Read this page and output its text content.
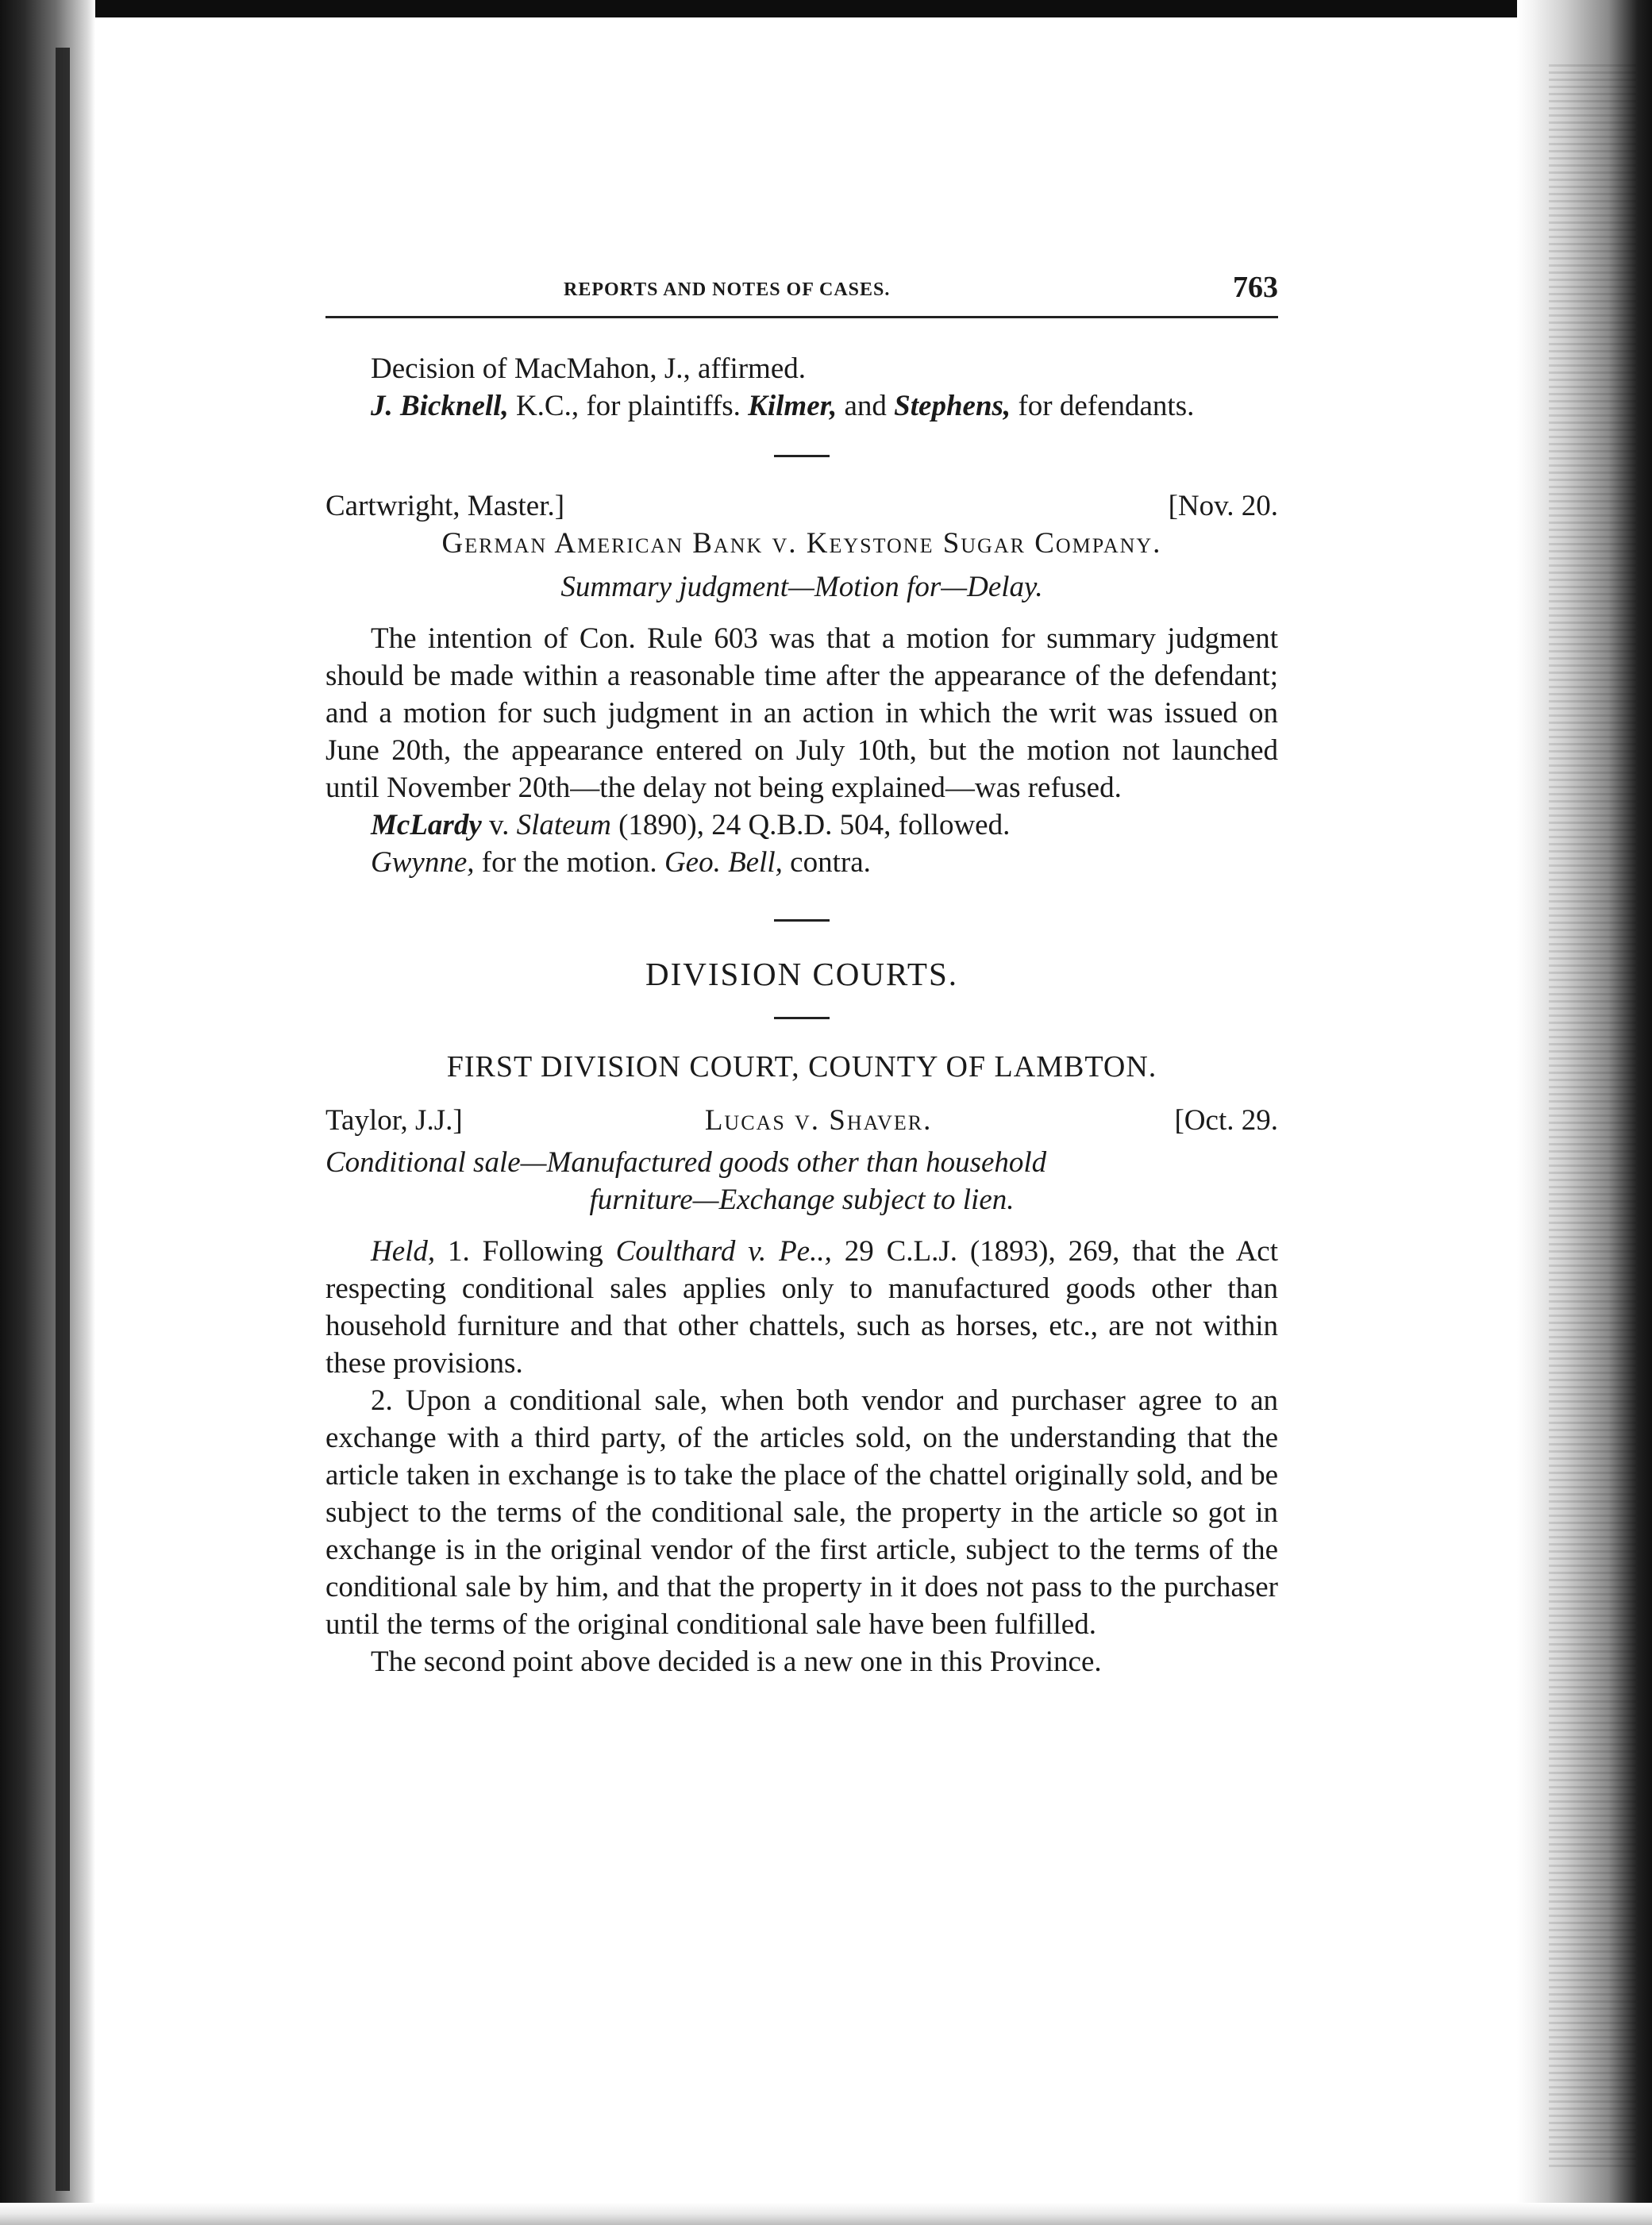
REPORTS AND NOTES OF CASES.	763

Decision of MacMahon, J., affirmed.

J. Bicknell, K.C., for plaintiffs. Kilmer, and Stephens, for defendants.

Cartwright, Master.]	[Nov. 20.

German American Bank v. Keystone Sugar Company.

Summary judgment—Motion for—Delay.

The intention of Con. Rule 603 was that a motion for summary judgment should be made within a reasonable time after the appearance of the defendant; and a motion for such judgment in an action in which the writ was issued on June 20th, the appearance entered on July 10th, but the motion not launched until November 20th—the delay not being explained—was refused.

McLardy v. Slateum (1890), 24 Q.B.D. 504, followed.

Gwynne, for the motion. Geo. Bell, contra.

DIVISION COURTS.
FIRST DIVISION COURT, COUNTY OF LAMBTON.
Taylor, J.J.]	Lucas v. Shaver.	[Oct. 29.

Conditional sale—Manufactured goods other than household

furniture—Exchange subject to lien.

Held, 1. Following Coulthard v. Pe.., 29 C.L.J. (1893), 269, that the Act respecting conditional sales applies only to manufactured goods other than household furniture and that other chattels, such as horses, etc., are not within these provisions.

2. Upon a conditional sale, when both vendor and purchaser agree to an exchange with a third party, of the articles sold, on the understanding that the article taken in exchange is to take the place of the chattel originally sold, and be subject to the terms of the conditional sale, the property in the article so got in exchange is in the original vendor of the first article, subject to the terms of the conditional sale by him, and that the property in it does not pass to the purchaser until the terms of the original conditional sale have been fulfilled.

The second point above decided is a new one in this Province.
